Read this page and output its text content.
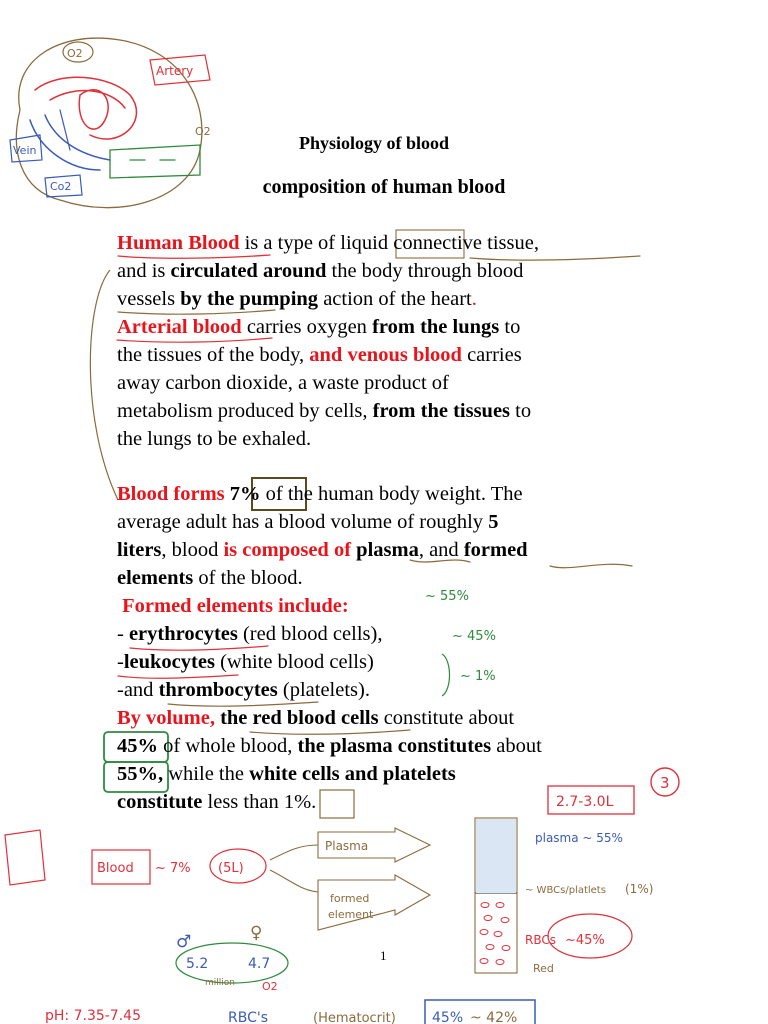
O2
Artery
Vein
Co2
O2
~ 55%
~ 45%
~ 1%
2.7-3.0L
3
Blood ~ 7% (5L)
Plasma
formed
element
plasma ~ 55%
~ WBCs/platlets (1%)
RBCs ~45%
Red
♂	♀
5.2	4.7
million
pH: 7.35-7.45	RBC's	(Hematocrit)	45% ~ 42%
O2
Physiology of blood
composition of human blood
Human Blood is a type of liquid connective tissue,
and is circulated around the body through blood
vessels by the pumping action of the heart.
Arterial blood carries oxygen from the lungs to
the tissues of the body, and venous blood carries
away carbon dioxide, a waste product of
metabolism produced by cells, from the tissues to
the lungs to be exhaled.
Blood forms 7% of the human body weight. The
average adult has a blood volume of roughly 5
liters, blood is composed of plasma, and formed
elements of the blood.
Formed elements include:
- erythrocytes (red blood cells),
-leukocytes (white blood cells)
-and thrombocytes (platelets).
By volume, the red blood cells constitute about
45% of whole blood, the plasma constitutes about
55%, while the white cells and platelets
constitute less than 1%.
1
